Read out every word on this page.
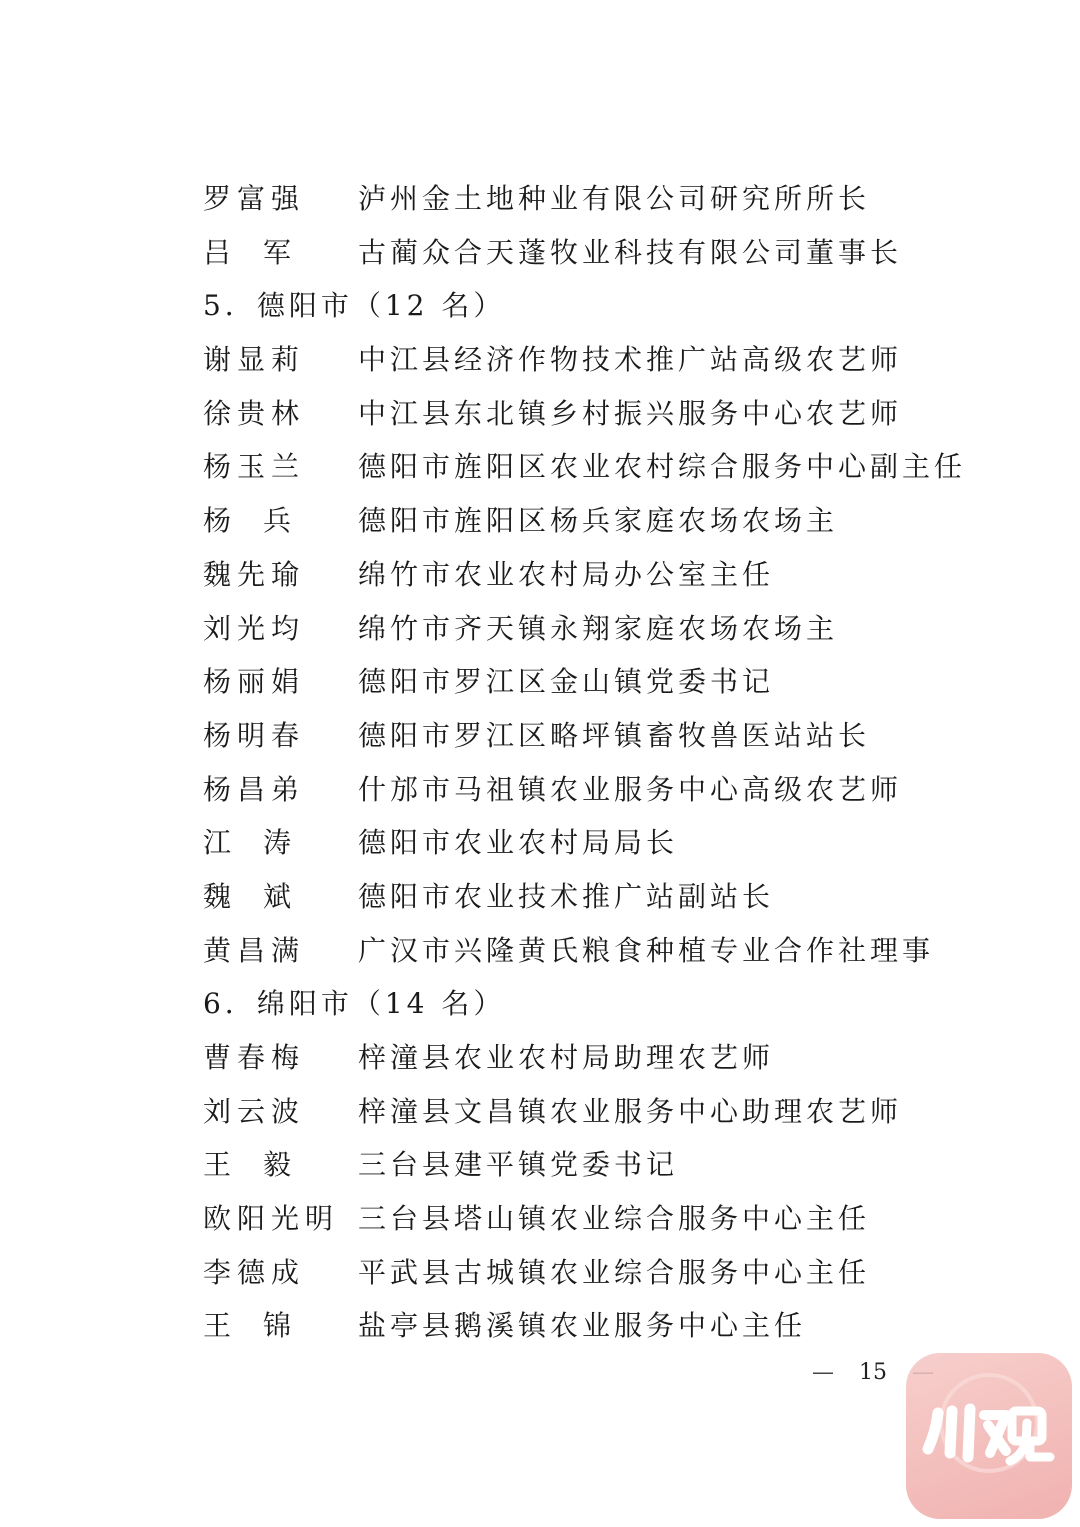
罗富强	泸州金土地种业有限公司研究所所长
吕 军 古蔺众合天蓬牧业科技有限公司董事长
5．德阳市（12 名）
谢显莉	中江县经济作物技术推广站高级农艺师
徐贵林	中江县东北镇乡村振兴服务中心农艺师
杨玉兰	德阳市旌阳区农业农村综合服务中心副主任
杨 兵 德阳市旌阳区杨兵家庭农场农场主
魏先瑜	绵竹市农业农村局办公室主任
刘光均	绵竹市齐天镇永翔家庭农场农场主
杨丽娟	德阳市罗江区金山镇党委书记
杨明春	德阳市罗江区略坪镇畜牧兽医站站长
杨昌弟	什邡市马祖镇农业服务中心高级农艺师
江 涛 德阳市农业农村局局长
魏 斌 德阳市农业技术推广站副站长
黄昌满	广汉市兴隆黄氏粮食种植专业合作社理事
6．绵阳市（14 名）
曹春梅	梓潼县农业农村局助理农艺师
刘云波	梓潼县文昌镇农业服务中心助理农艺师
王 毅 三台县建平镇党委书记
欧阳光明 三台县塔山镇农业综合服务中心主任
李德成	平武县古城镇农业综合服务中心主任
王 锦 盐亭县鹅溪镇农业服务中心主任
— 15
